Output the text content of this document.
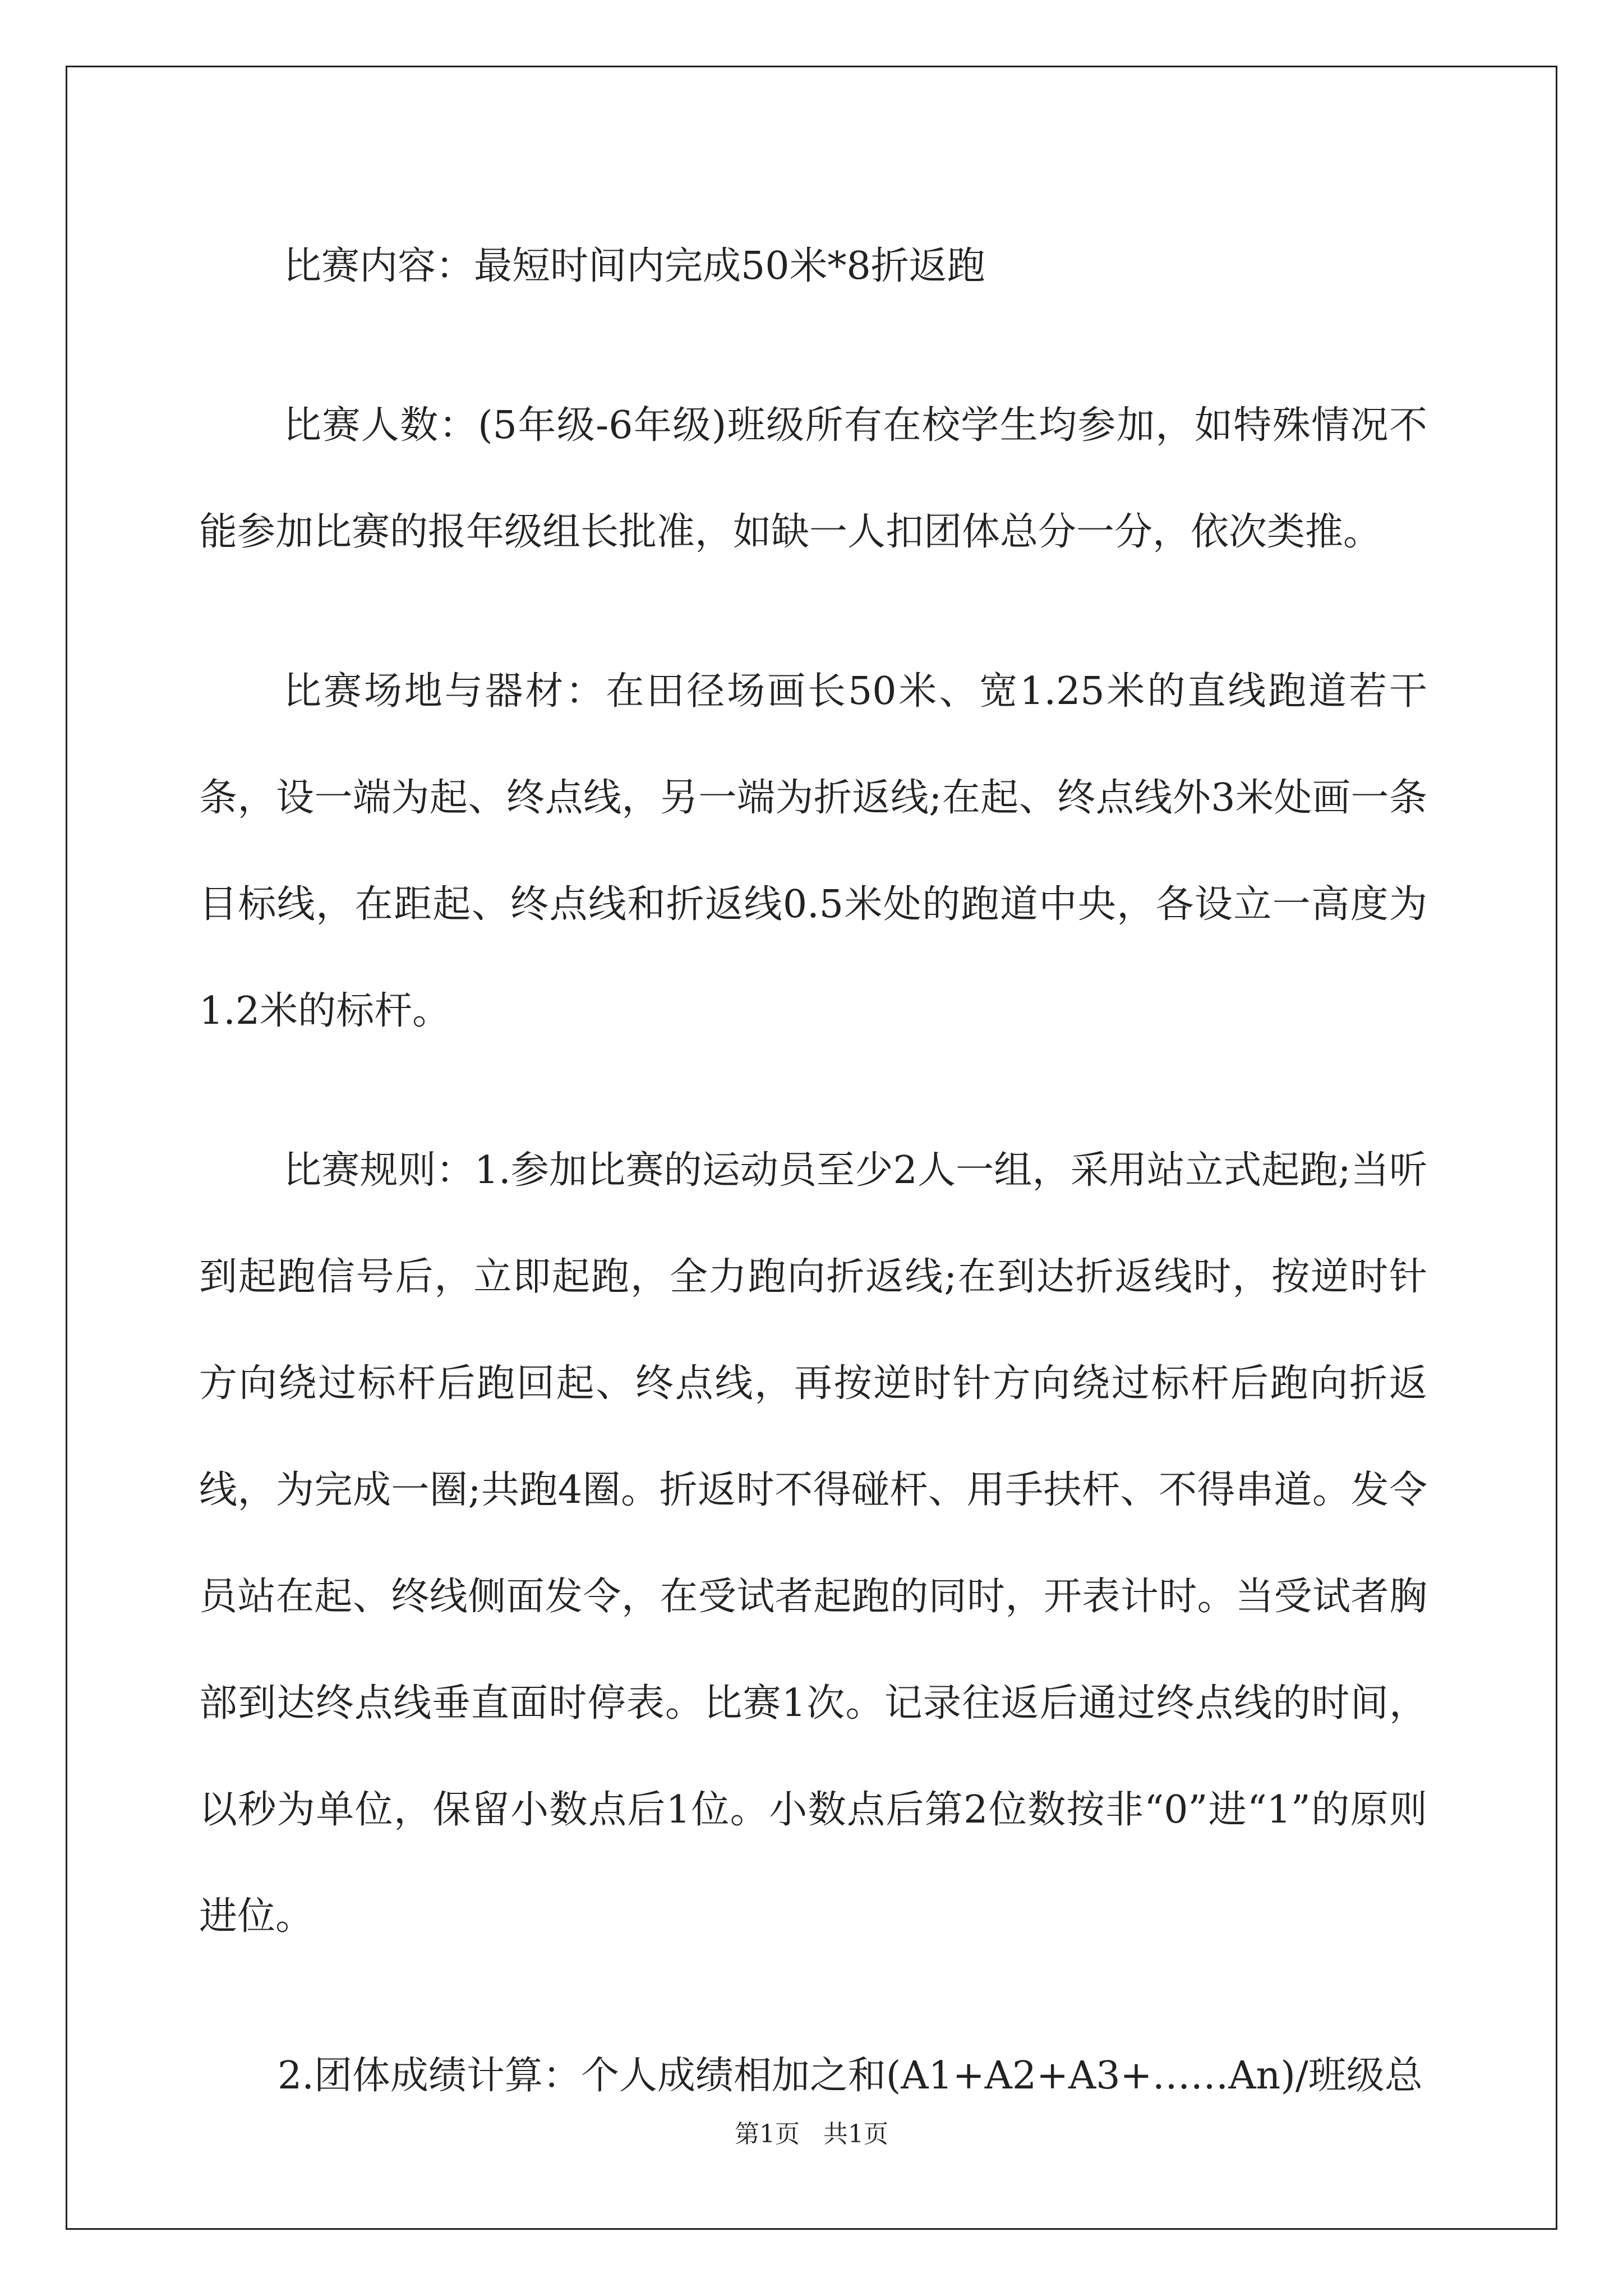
比赛内容：最短时间内完成50米*8折返跑

比赛人数：(5年级-6年级)班级所有在校学生均参加，如特殊情况不能参加比赛的报年级组长批准，如缺一人扣团体总分一分，依次类推。

比赛场地与器材：在田径场画长50米、宽1.25米的直线跑道若干条，设一端为起、终点线，另一端为折返线;在起、终点线外3米处画一条目标线，在距起、终点线和折返线0.5米处的跑道中央，各设立一高度为1.2米的标杆。

比赛规则：1.参加比赛的运动员至少2人一组，采用站立式起跑;当听到起跑信号后，立即起跑，全力跑向折返线;在到达折返线时，按逆时针方向绕过标杆后跑回起、终点线，再按逆时针方向绕过标杆后跑向折返线，为完成一圈;共跑4圈。折返时不得碰杆、用手扶杆、不得串道。发令员站在起、终线侧面发令，在受试者起跑的同时，开表计时。当受试者胸部到达终点线垂直面时停表。比赛1次。记录往返后通过终点线的时间，以秒为单位，保留小数点后1位。小数点后第2位数按非“0”进“1”的原则进位。

2.团体成绩计算：个人成绩相加之和(A1+A2+A3+……An)/班级总

第1页   共1页
